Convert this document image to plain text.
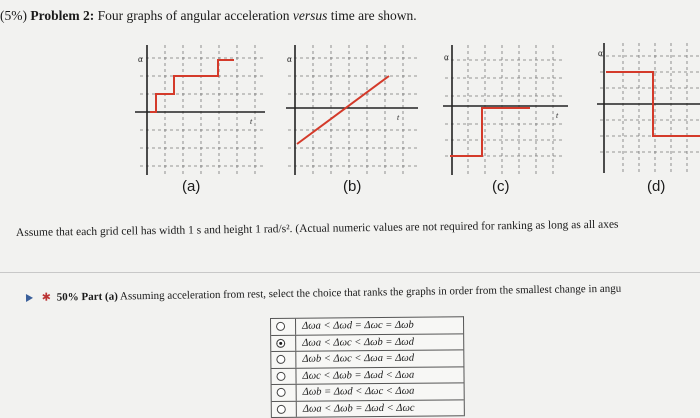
(5%) Problem 2: Four graphs of angular acceleration versus time are shown.
α
t
(a)
α
t
(b)
α
t
(c)
α
(d)
Assume that each grid cell has width 1 s and height 1 rad/s². (Actual numeric values are not required for ranking as long as all axes
✱ 50% Part (a) Assuming acceleration from rest, select the choice that ranks the graphs in order from the smallest change in angu
Δωa < Δωd = Δωc = Δωb
Δωa < Δωc < Δωb = Δωd
Δωb < Δωc < Δωa = Δωd
Δωc < Δωb = Δωd < Δωa
Δωb = Δωd < Δωc < Δωa
Δωa < Δωb = Δωd < Δωc
